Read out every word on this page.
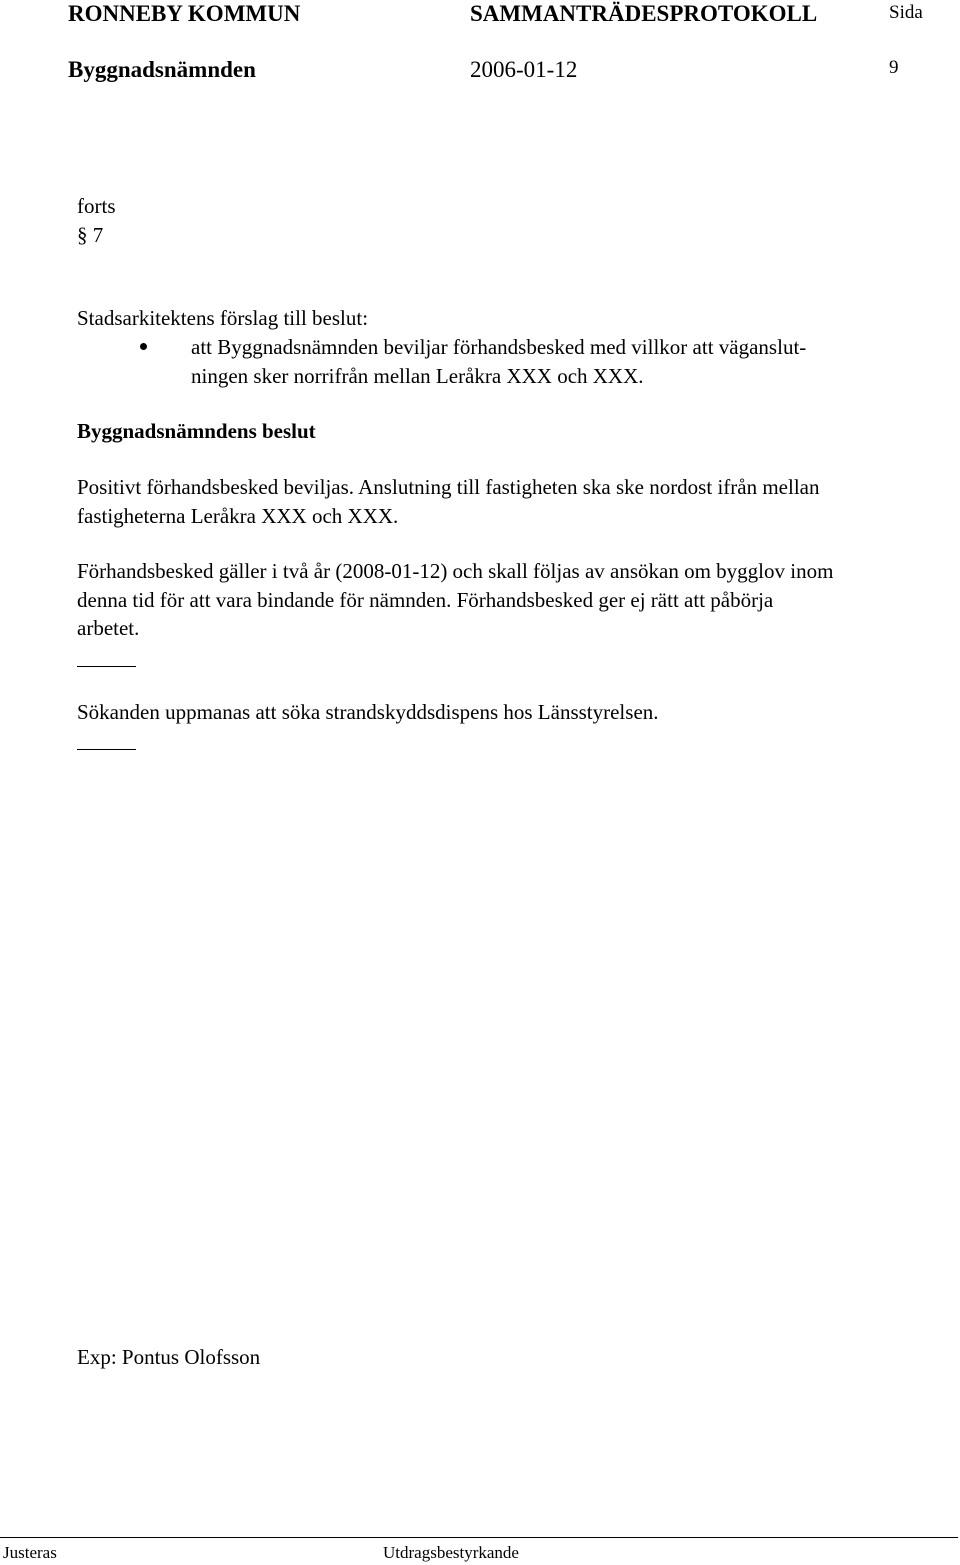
RONNEBY KOMMUN	SAMMANTRÄDESPROTOKOLL	Sida
Byggnadsnämnden	2006-01-12	9
forts
§ 7
Stadsarkitektens förslag till beslut:
att Byggnadsnämnden beviljar förhandsbesked med villkor att väganslut-
ningen sker norrifrån mellan Leråkra XXX och XXX.
Byggnadsnämndens beslut
Positivt förhandsbesked beviljas. Anslutning till fastigheten ska ske nordost ifrån mellan
fastigheterna Leråkra XXX och XXX.
Förhandsbesked gäller i två år (2008-01-12) och skall följas av ansökan om bygglov inom
denna tid för att vara bindande för nämnden. Förhandsbesked ger ej rätt att påbörja
arbetet.
Sökanden uppmanas att söka strandskyddsdispens hos Länsstyrelsen.
Exp: Pontus Olofsson
Justeras	Utdragsbestyrkande
